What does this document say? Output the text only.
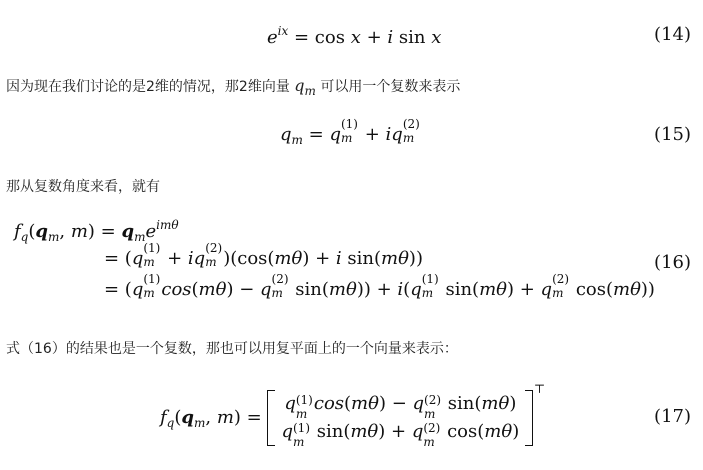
$e^{ix} = \cos x + i$ sin x	(14)
因为现在我们讨论的是2维的情况，那2维向量 $q_m$ 可以用一个复数来表示
$q_m = q$ (1)
m + iq (2)
m	(15)
那从复数角度来看，就有
$f_q(q_m$, $m) = q_me^{im\theta}$
= (q (1)
m + iq (2)
m )(cos(mθ) + i sin(mθ))
= (q (1)
m cos(mθ) − q (2)
m sin(mθ)) + i(q (1)
m sin(mθ) + q (2)
m cos(mθ))
(16)
式（16）的结果也是一个复数，那也可以用复平面上的一个向量来表示：
$f_q(q_m$, m) =
q (1)
m cos(mθ) − q (2)
m sin(mθ)
q (1)
m sin(mθ) + q (2)
m cos(mθ)
⊤
(17)
